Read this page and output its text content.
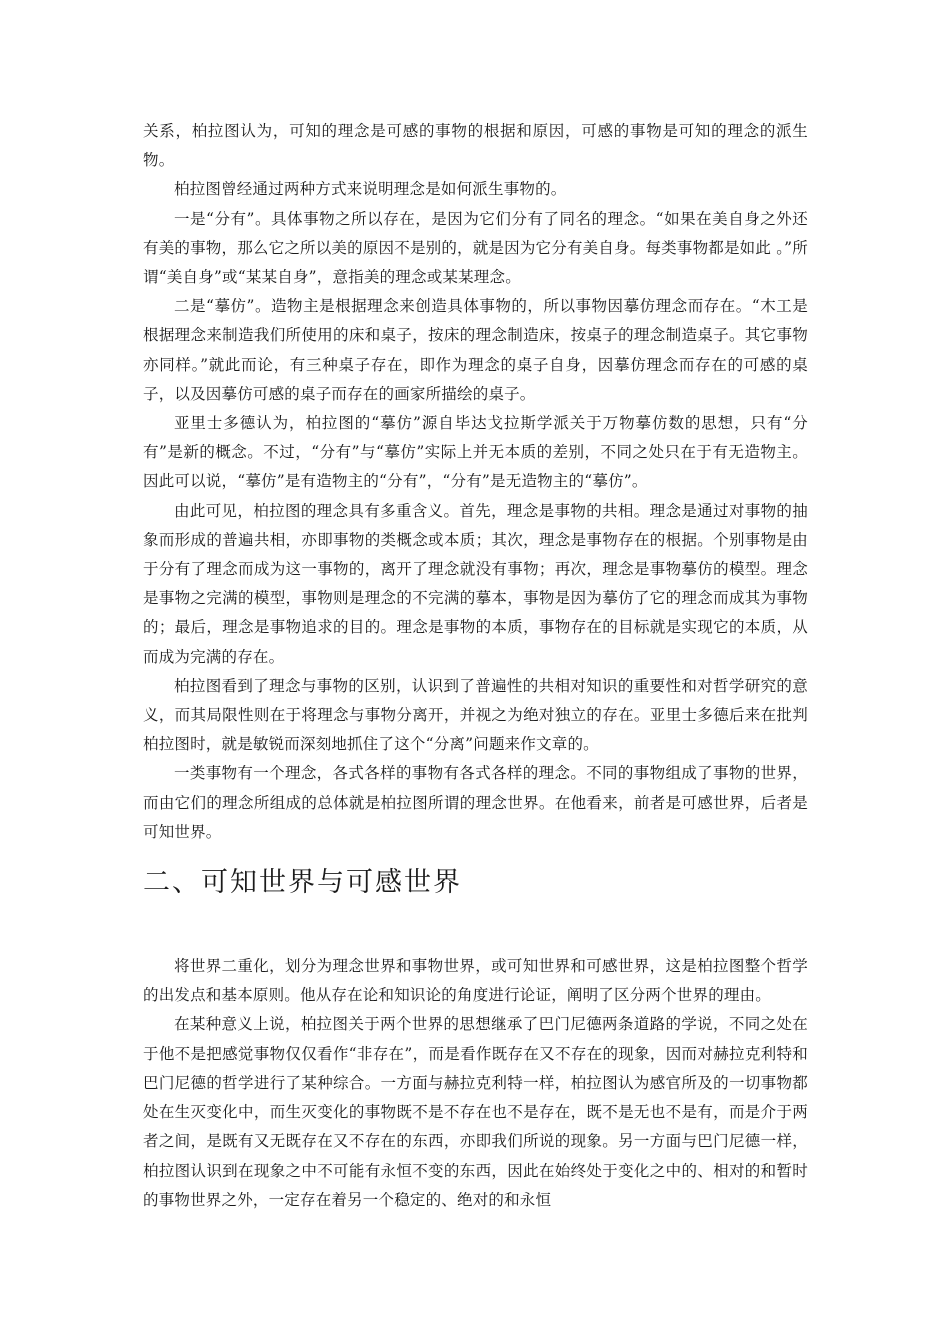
关系，柏拉图认为，可知的理念是可感的事物的根据和原因，可感的事物是可知的理念的派生物。

柏拉图曾经通过两种方式来说明理念是如何派生事物的。

一是“分有”。具体事物之所以存在，是因为它们分有了同名的理念。“如果在美自身之外还有美的事物，那么它之所以美的原因不是别的，就是因为它分有美自身。每类事物都是如此 。”所谓“美自身”或“某某自身”，意指美的理念或某某理念。

二是“摹仿”。造物主是根据理念来创造具体事物的，所以事物因摹仿理念而存在。“木工是根据理念来制造我们所使用的床和桌子，按床的理念制造床，按桌子的理念制造桌子。其它事物亦同样。”就此而论，有三种桌子存在，即作为理念的桌子自身，因摹仿理念而存在的可感的桌子，以及因摹仿可感的桌子而存在的画家所描绘的桌子。

亚里士多德认为，柏拉图的“摹仿”源自毕达戈拉斯学派关于万物摹仿数的思想，只有“分有”是新的概念。不过，“分有”与“摹仿”实际上并无本质的差别，不同之处只在于有无造物主。因此可以说，“摹仿”是有造物主的“分有”，“分有”是无造物主的“摹仿”。

由此可见，柏拉图的理念具有多重含义。首先，理念是事物的共相。理念是通过对事物的抽象而形成的普遍共相，亦即事物的类概念或本质；其次，理念是事物存在的根据。个别事物是由于分有了理念而成为这一事物的，离开了理念就没有事物；再次，理念是事物摹仿的模型。理念是事物之完满的模型，事物则是理念的不完满的摹本，事物是因为摹仿了它的理念而成其为事物的；最后，理念是事物追求的目的。理念是事物的本质，事物存在的目标就是实现它的本质，从而成为完满的存在。

柏拉图看到了理念与事物的区别，认识到了普遍性的共相对知识的重要性和对哲学研究的意义，而其局限性则在于将理念与事物分离开，并视之为绝对独立的存在。亚里士多德后来在批判柏拉图时，就是敏锐而深刻地抓住了这个“分离”问题来作文章的。

一类事物有一个理念，各式各样的事物有各式各样的理念。不同的事物组成了事物的世界，而由它们的理念所组成的总体就是柏拉图所谓的理念世界。在他看来，前者是可感世界，后者是可知世界。

二、可知世界与可感世界

将世界二重化，划分为理念世界和事物世界，或可知世界和可感世界，这是柏拉图整个哲学的出发点和基本原则。他从存在论和知识论的角度进行论证，阐明了区分两个世界的理由。

在某种意义上说，柏拉图关于两个世界的思想继承了巴门尼德两条道路的学说，不同之处在于他不是把感觉事物仅仅看作“非存在”，而是看作既存在又不存在的现象，因而对赫拉克利特和巴门尼德的哲学进行了某种综合。一方面与赫拉克利特一样，柏拉图认为感官所及的一切事物都处在生灭变化中，而生灭变化的事物既不是不存在也不是存在，既不是无也不是有，而是介于两者之间，是既有又无既存在又不存在的东西，亦即我们所说的现象。另一方面与巴门尼德一样，柏拉图认识到在现象之中不可能有永恒不变的东西，因此在始终处于变化之中的、相对的和暂时的事物世界之外，一定存在着另一个稳定的、绝对的和永恒
